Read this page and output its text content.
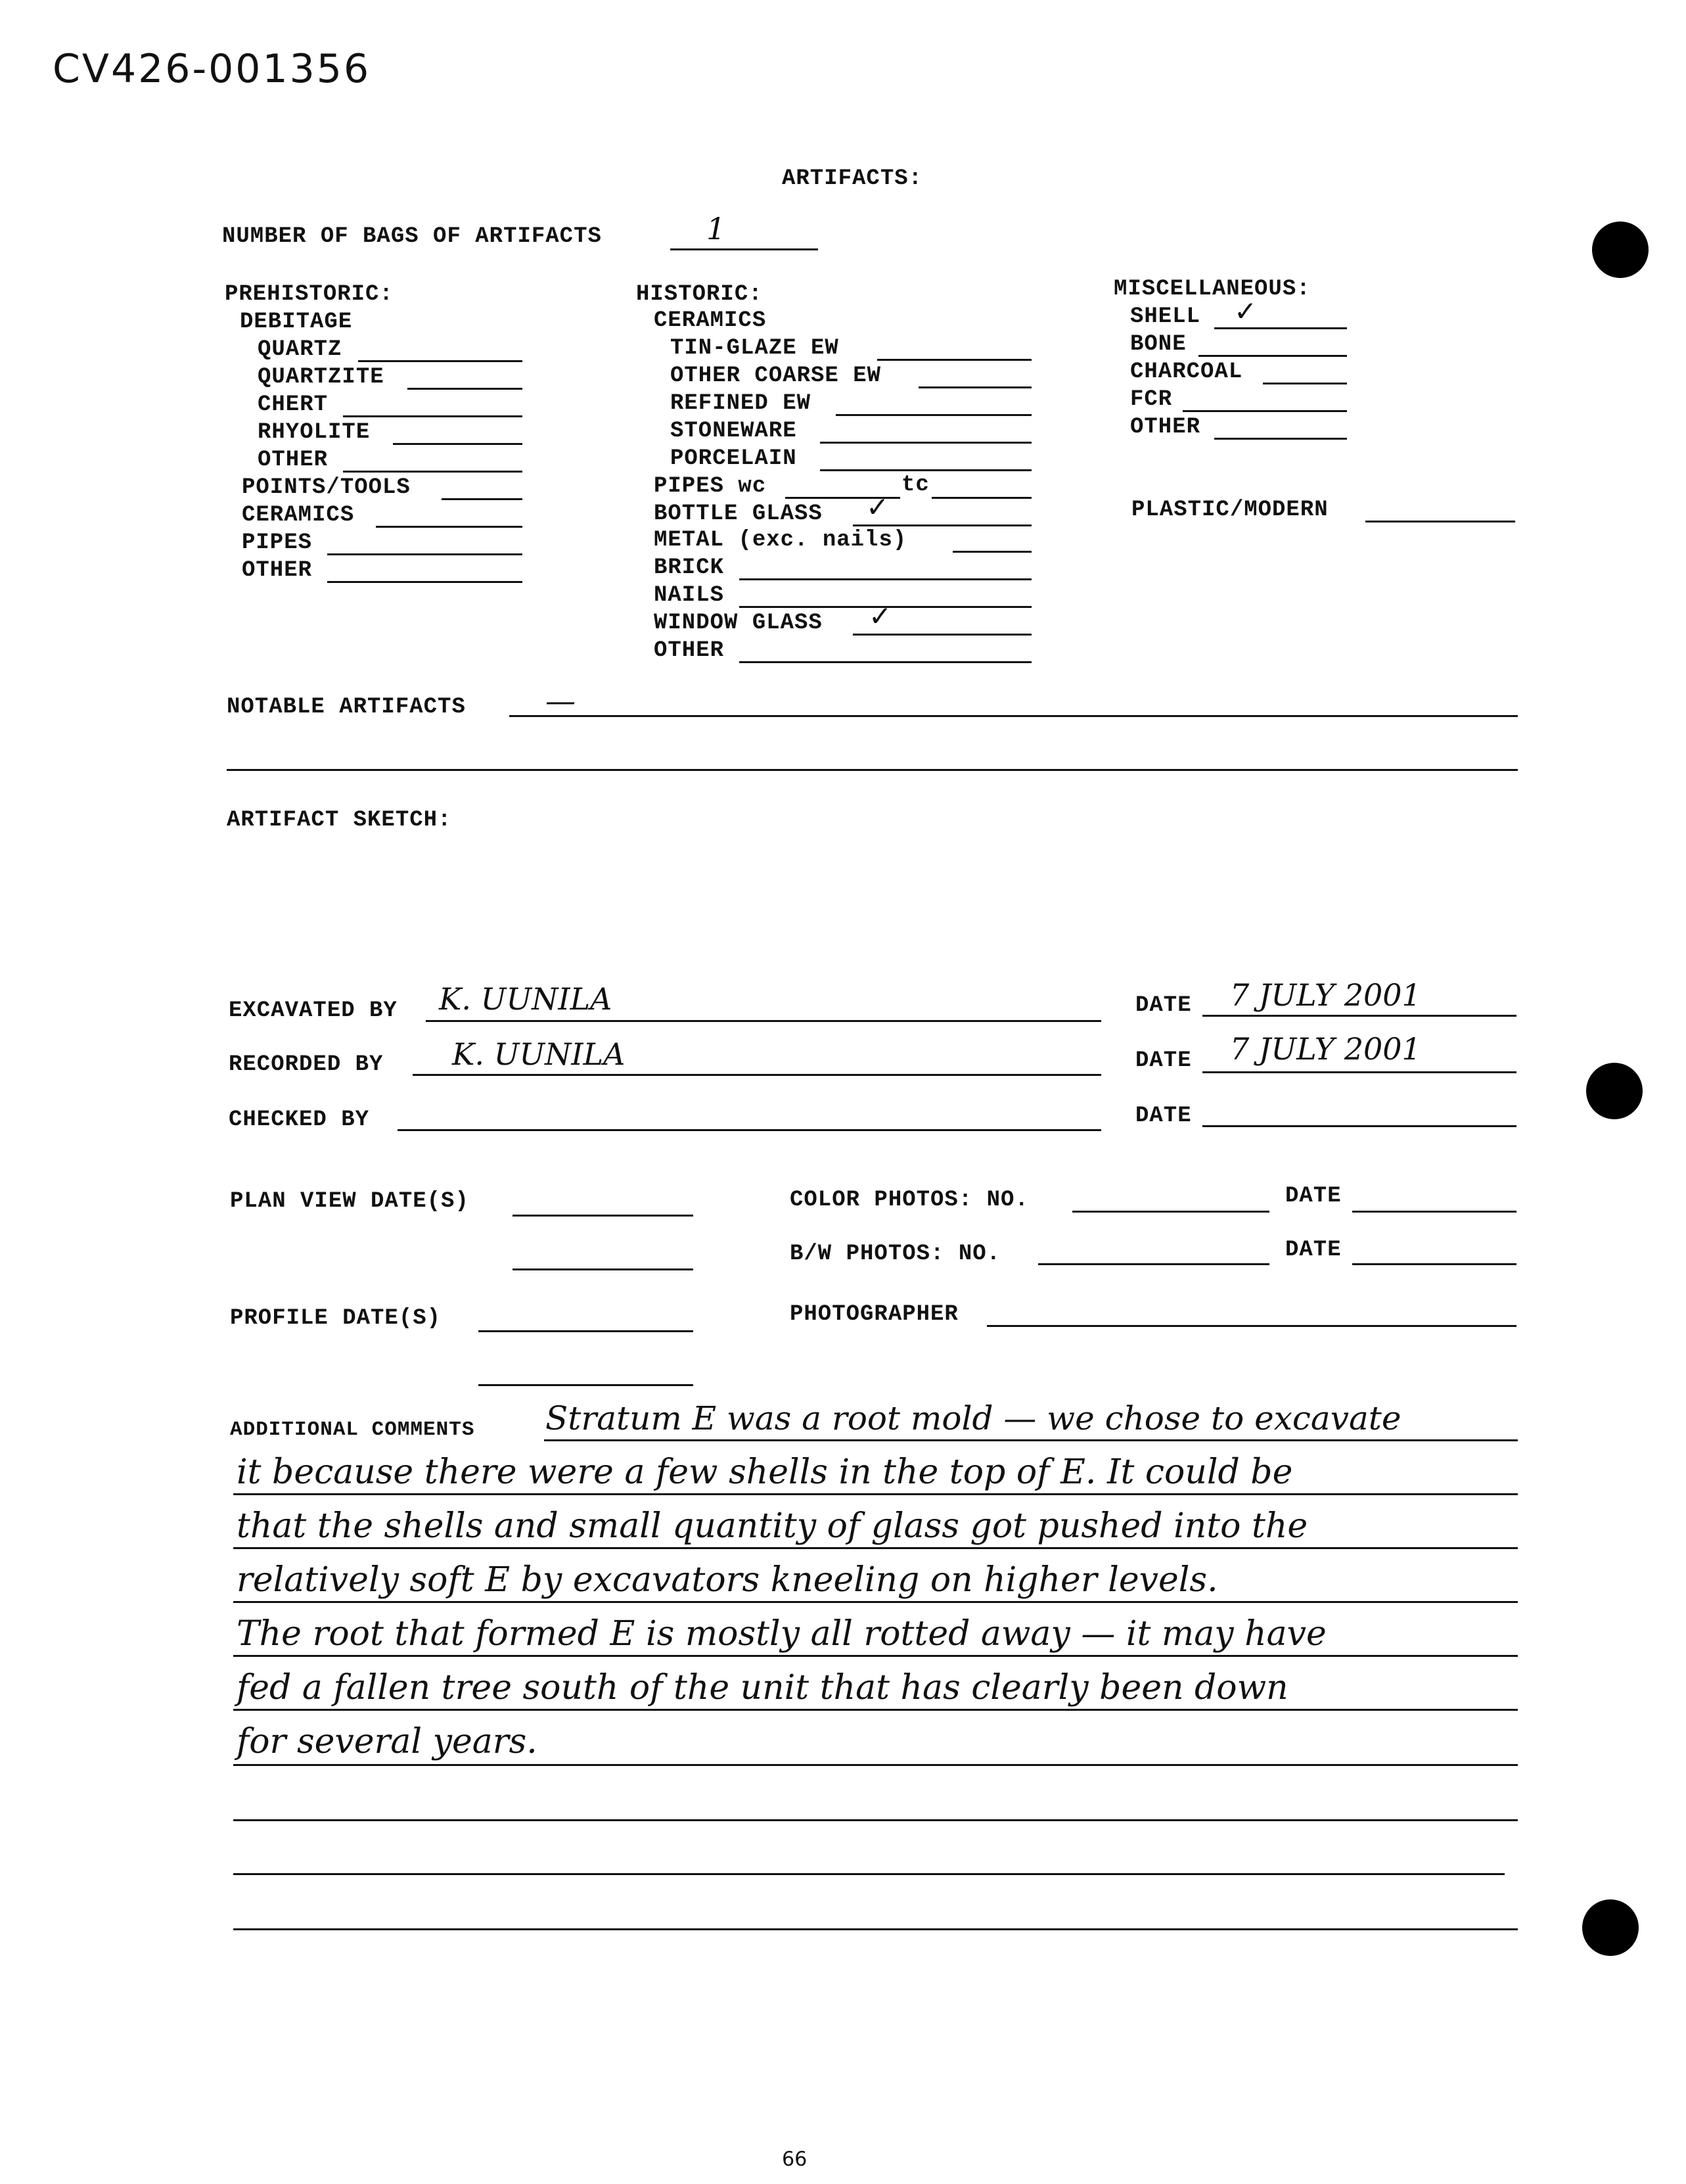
CV426-001356
ARTIFACTS:
NUMBER OF BAGS OF ARTIFACTS	1
PREHISTORIC:
DEBITAGE
QUARTZ
QUARTZITE
CHERT
RHYOLITE
OTHER
POINTS/TOOLS
CERAMICS
PIPES
OTHER
HISTORIC:
CERAMICS
TIN-GLAZE EW
OTHER COARSE EW
REFINED EW
STONEWARE
PORCELAIN
PIPES wc	tc
BOTTLE GLASS ✓
METAL (exc. nails)
BRICK
NAILS
WINDOW GLASS ✓
OTHER
MISCELLANEOUS:
SHELL ✓
BONE
CHARCOAL
FCR
OTHER
PLASTIC/MODERN
NOTABLE ARTIFACTS	—
ARTIFACT SKETCH:
EXCAVATED BY K. UUNILA	DATE 7 JULY 2001
RECORDED BY K. UUNILA	DATE 7 JULY 2001
CHECKED BY	DATE
PLAN VIEW DATE(S)	COLOR PHOTOS: NO.	DATE
B/W PHOTOS: NO.	DATE
PROFILE DATE(S)	PHOTOGRAPHER
ADDITIONAL COMMENTS Stratum E was a root mold — we chose to excavate
it because there were a few shells in the top of E. It could be
that the shells and small quantity of glass got pushed into the
relatively soft E by excavators kneeling on higher levels.
The root that formed E is mostly all rotted away — it may have
fed a fallen tree south of the unit that has clearly been down
for several years.
99
